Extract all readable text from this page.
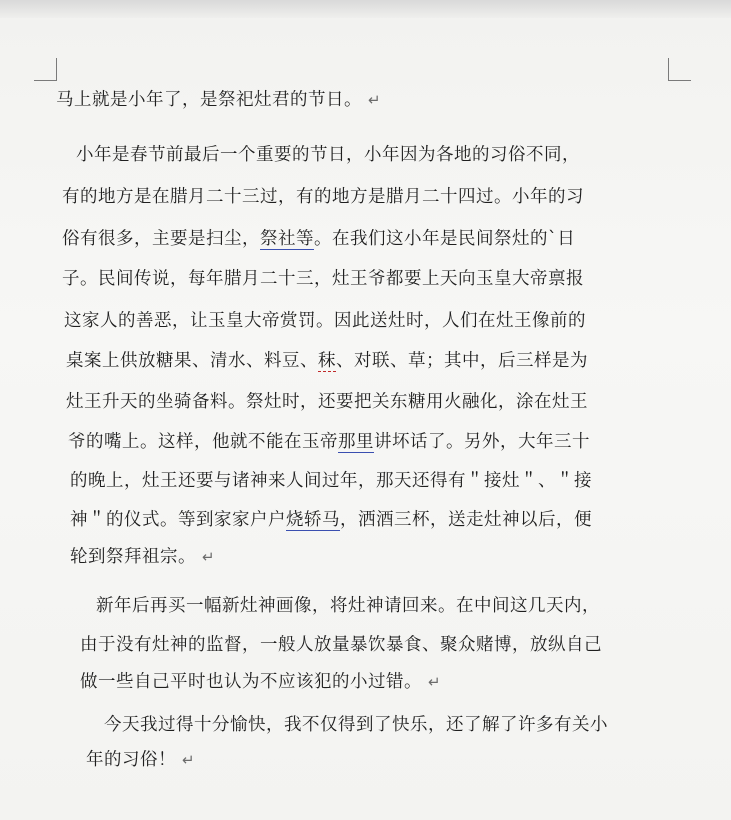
马上就是小年了，是祭祀灶君的节日。 ↵
小年是春节前最后一个重要的节日，小年因为各地的习俗不同，
有的地方是在腊月二十三过，有的地方是腊月二十四过。小年的习
俗有很多，主要是扫尘，祭社等。在我们这小年是民间祭灶的`日
子。民间传说，每年腊月二十三，灶王爷都要上天向玉皇大帝禀报
这家人的善恶，让玉皇大帝赏罚。因此送灶时，人们在灶王像前的
桌案上供放糖果、清水、料豆、秣、对联、草；其中，后三样是为
灶王升天的坐骑备料。祭灶时，还要把关东糖用火融化，涂在灶王
爷的嘴上。这样，他就不能在玉帝那里讲坏话了。另外，大年三十
的晚上，灶王还要与诸神来人间过年，那天还得有＂接灶＂、＂接
神＂的仪式。等到家家户户烧轿马，洒酒三杯，送走灶神以后，便
轮到祭拜祖宗。 ↵
新年后再买一幅新灶神画像，将灶神请回来。在中间这几天内，
由于没有灶神的监督，一般人放量暴饮暴食、聚众赌博，放纵自己
做一些自己平时也认为不应该犯的小过错。 ↵
今天我过得十分愉快，我不仅得到了快乐，还了解了许多有关小
年的习俗！ ↵
